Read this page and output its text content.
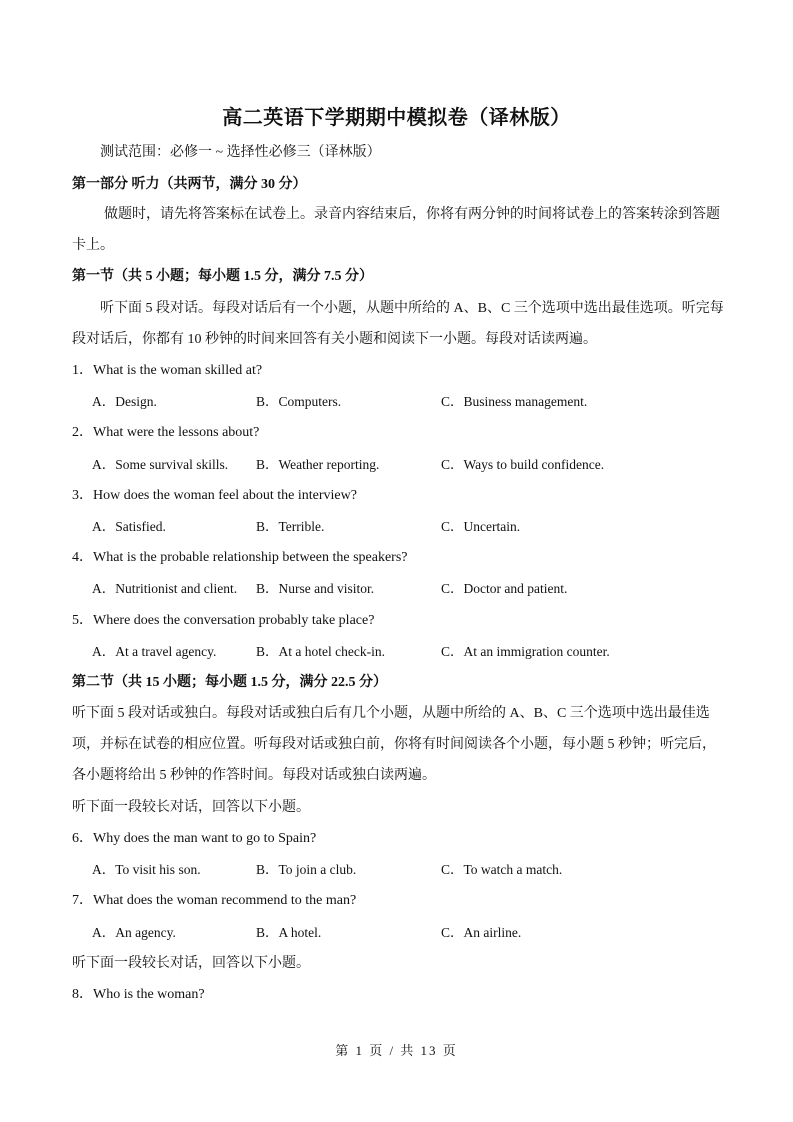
高二英语下学期期中模拟卷（译林版）
测试范围：必修一 ~ 选择性必修三（译林版）
第一部分 听力（共两节，满分 30 分）
做题时，请先将答案标在试卷上。录音内容结束后，你将有两分钟的时间将试卷上的答案转涂到答题
卡上。
第一节（共 5 小题；每小题 1.5 分，满分 7.5 分）
听下面 5 段对话。每段对话后有一个小题，从题中所给的 A、B、C 三个选项中选出最佳选项。听完每
段对话后，你都有 10 秒钟的时间来回答有关小题和阅读下一小题。每段对话读两遍。
1．What is the woman skilled at?
A．Design.	B．Computers.	C．Business management.
2．What were the lessons about?
A．Some survival skills. B．Weather reporting.	C．Ways to build confidence.
3．How does the woman feel about the interview?
A．Satisfied.	B．Terrible.	C．Uncertain.
4．What is the probable relationship between the speakers?
A．Nutritionist and client. B．Nurse and visitor.	C．Doctor and patient.
5．Where does the conversation probably take place?
A．At a travel agency.	B．At a hotel check-in.	C．At an immigration counter.
第二节（共 15 小题；每小题 1.5 分，满分 22.5 分）
听下面 5 段对话或独白。每段对话或独白后有几个小题，从题中所给的 A、B、C 三个选项中选出最佳选
项，并标在试卷的相应位置。听每段对话或独白前，你将有时间阅读各个小题，每小题 5 秒钟；听完后，
各小题将给出 5 秒钟的作答时间。每段对话或独白读两遍。
听下面一段较长对话，回答以下小题。
6．Why does the man want to go to Spain?
A．To visit his son.	B．To join a club.	C．To watch a match.
7．What does the woman recommend to the man?
A．An agency.	B．A hotel.	C．An airline.
听下面一段较长对话，回答以下小题。
8．Who is the woman?
第 1 页 / 共 13 页
